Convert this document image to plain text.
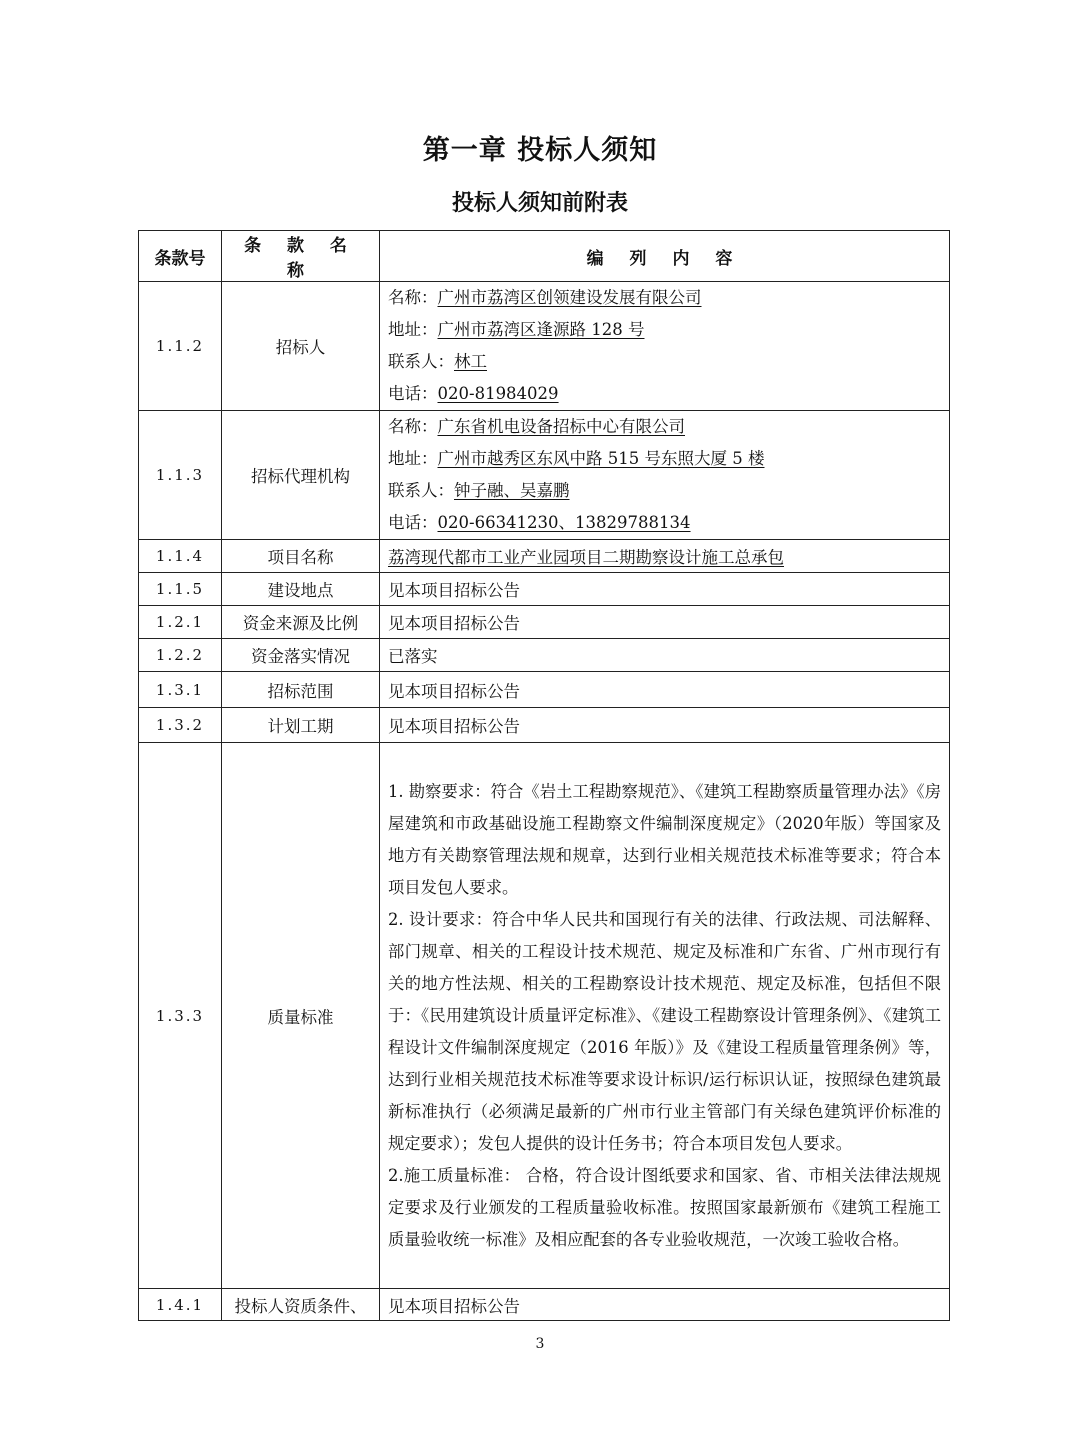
第一章 投标人须知
投标人须知前附表
条款号	条 款 名 称	编 列 内 容
1.1.2	招标人	名称：广州市荔湾区创领建设发展有限公司
地址：广州市荔湾区逢源路 128 号
联系人：林工
电话：020-81984029

1.1.3	招标代理机构	名称：广东省机电设备招标中心有限公司
地址：广州市越秀区东风中路 515 号东照大厦 5 楼
联系人：钟子融、吴嘉鹏
电话：020-66341230、13829788134

1.1.4	项目名称	荔湾现代都市工业产业园项目二期勘察设计施工总承包
1.1.5	建设地点	见本项目招标公告
1.2.1	资金来源及比例	见本项目招标公告
1.2.2	资金落实情况	已落实
1.3.1	招标范围	见本项目招标公告
1.3.2	计划工期	见本项目招标公告
1.3.3	质量标准	1. 勘察要求：符合《岩土工程勘察规范》、《建筑工程勘察质量管理办法》《房屋建筑和市政基础设施工程勘察文件编制深度规定》（2020年版）等国家及地方有关勘察管理法规和规章，达到行业相关规范技术标准等要求；符合本项目发包人要求。
2. 设计要求：符合中华人民共和国现行有关的法律、行政法规、司法解释、部门规章、相关的工程设计技术规范、规定及标准和广东省、广州市现行有关的地方性法规、相关的工程勘察设计技术规范、规定及标准，包括但不限于：《民用建筑设计质量评定标准》、《建设工程勘察设计管理条例》、《建筑工程设计文件编制深度规定（2016 年版）》及《建设工程质量管理条例》等，达到行业相关规范技术标准等要求设计标识/运行标识认证，按照绿色建筑最新标准执行（必须满足最新的广州市行业主管部门有关绿色建筑评价标准的规定要求）；发包人提供的设计任务书；符合本项目发包人要求。
2.施工质量标准： 合格，符合设计图纸要求和国家、省、市相关法律法规规定要求及行业颁发的工程质量验收标准。按照国家最新颁布《建筑工程施工质量验收统一标准》及相应配套的各专业验收规范，一次竣工验收合格。

1.4.1	投标人资质条件、	见本项目招标公告
3
